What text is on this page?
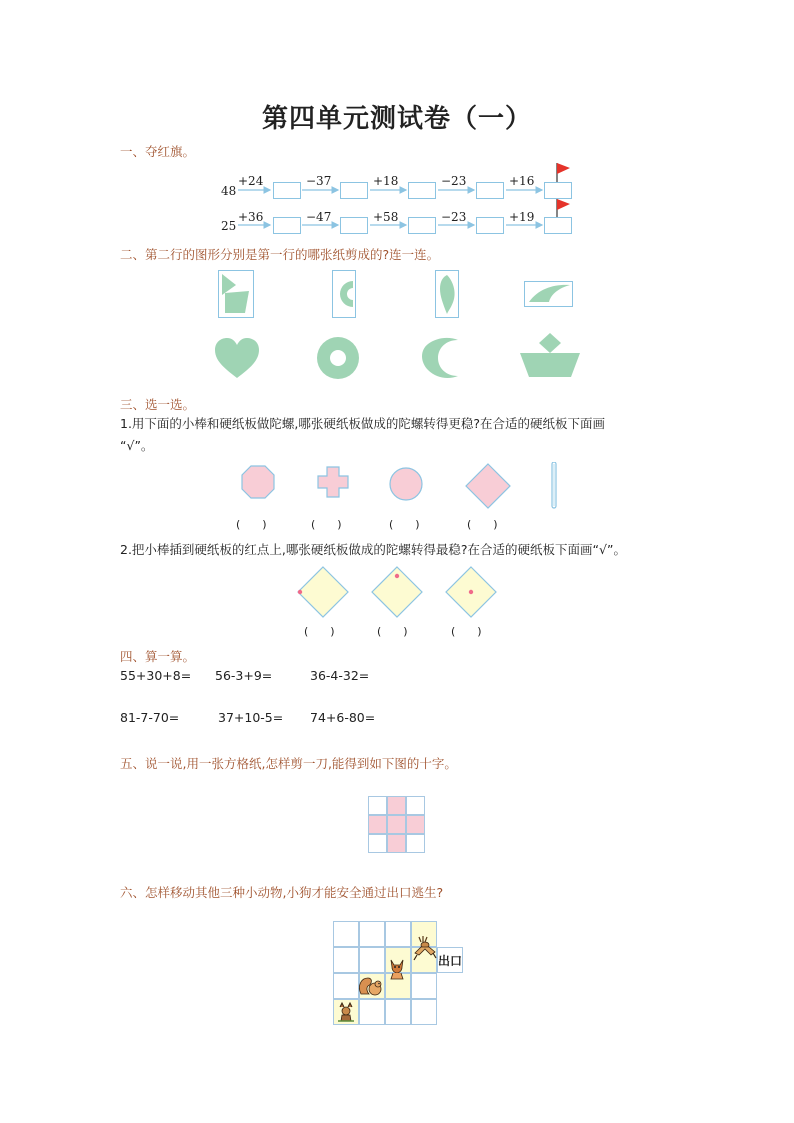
第四单元测试卷（一）
一、夺红旗。
48
+24	−37	+18	−23	+16
25
+36	−47	+58	−23	+19
二、第二行的图形分别是第一行的哪张纸剪成的?连一连。
三、选一选。
1.用下面的小棒和硬纸板做陀螺,哪张硬纸板做成的陀螺转得更稳?在合适的硬纸板下面画
“√”。
(　　)	(　　)	(　　)	(　　)
2.把小棒插到硬纸板的红点上,哪张硬纸板做成的陀螺转得最稳?在合适的硬纸板下面画“√”。
(　　)	(　　)	(　　)
四、算一算。
55+30+8= 56-3+9=	36-4-32=
81-7-70=	37+10-5= 74+6-80=
五、说一说,用一张方格纸,怎样剪一刀,能得到如下图的十字。
六、怎样移动其他三种小动物,小狗才能安全通过出口逃生?
出口
